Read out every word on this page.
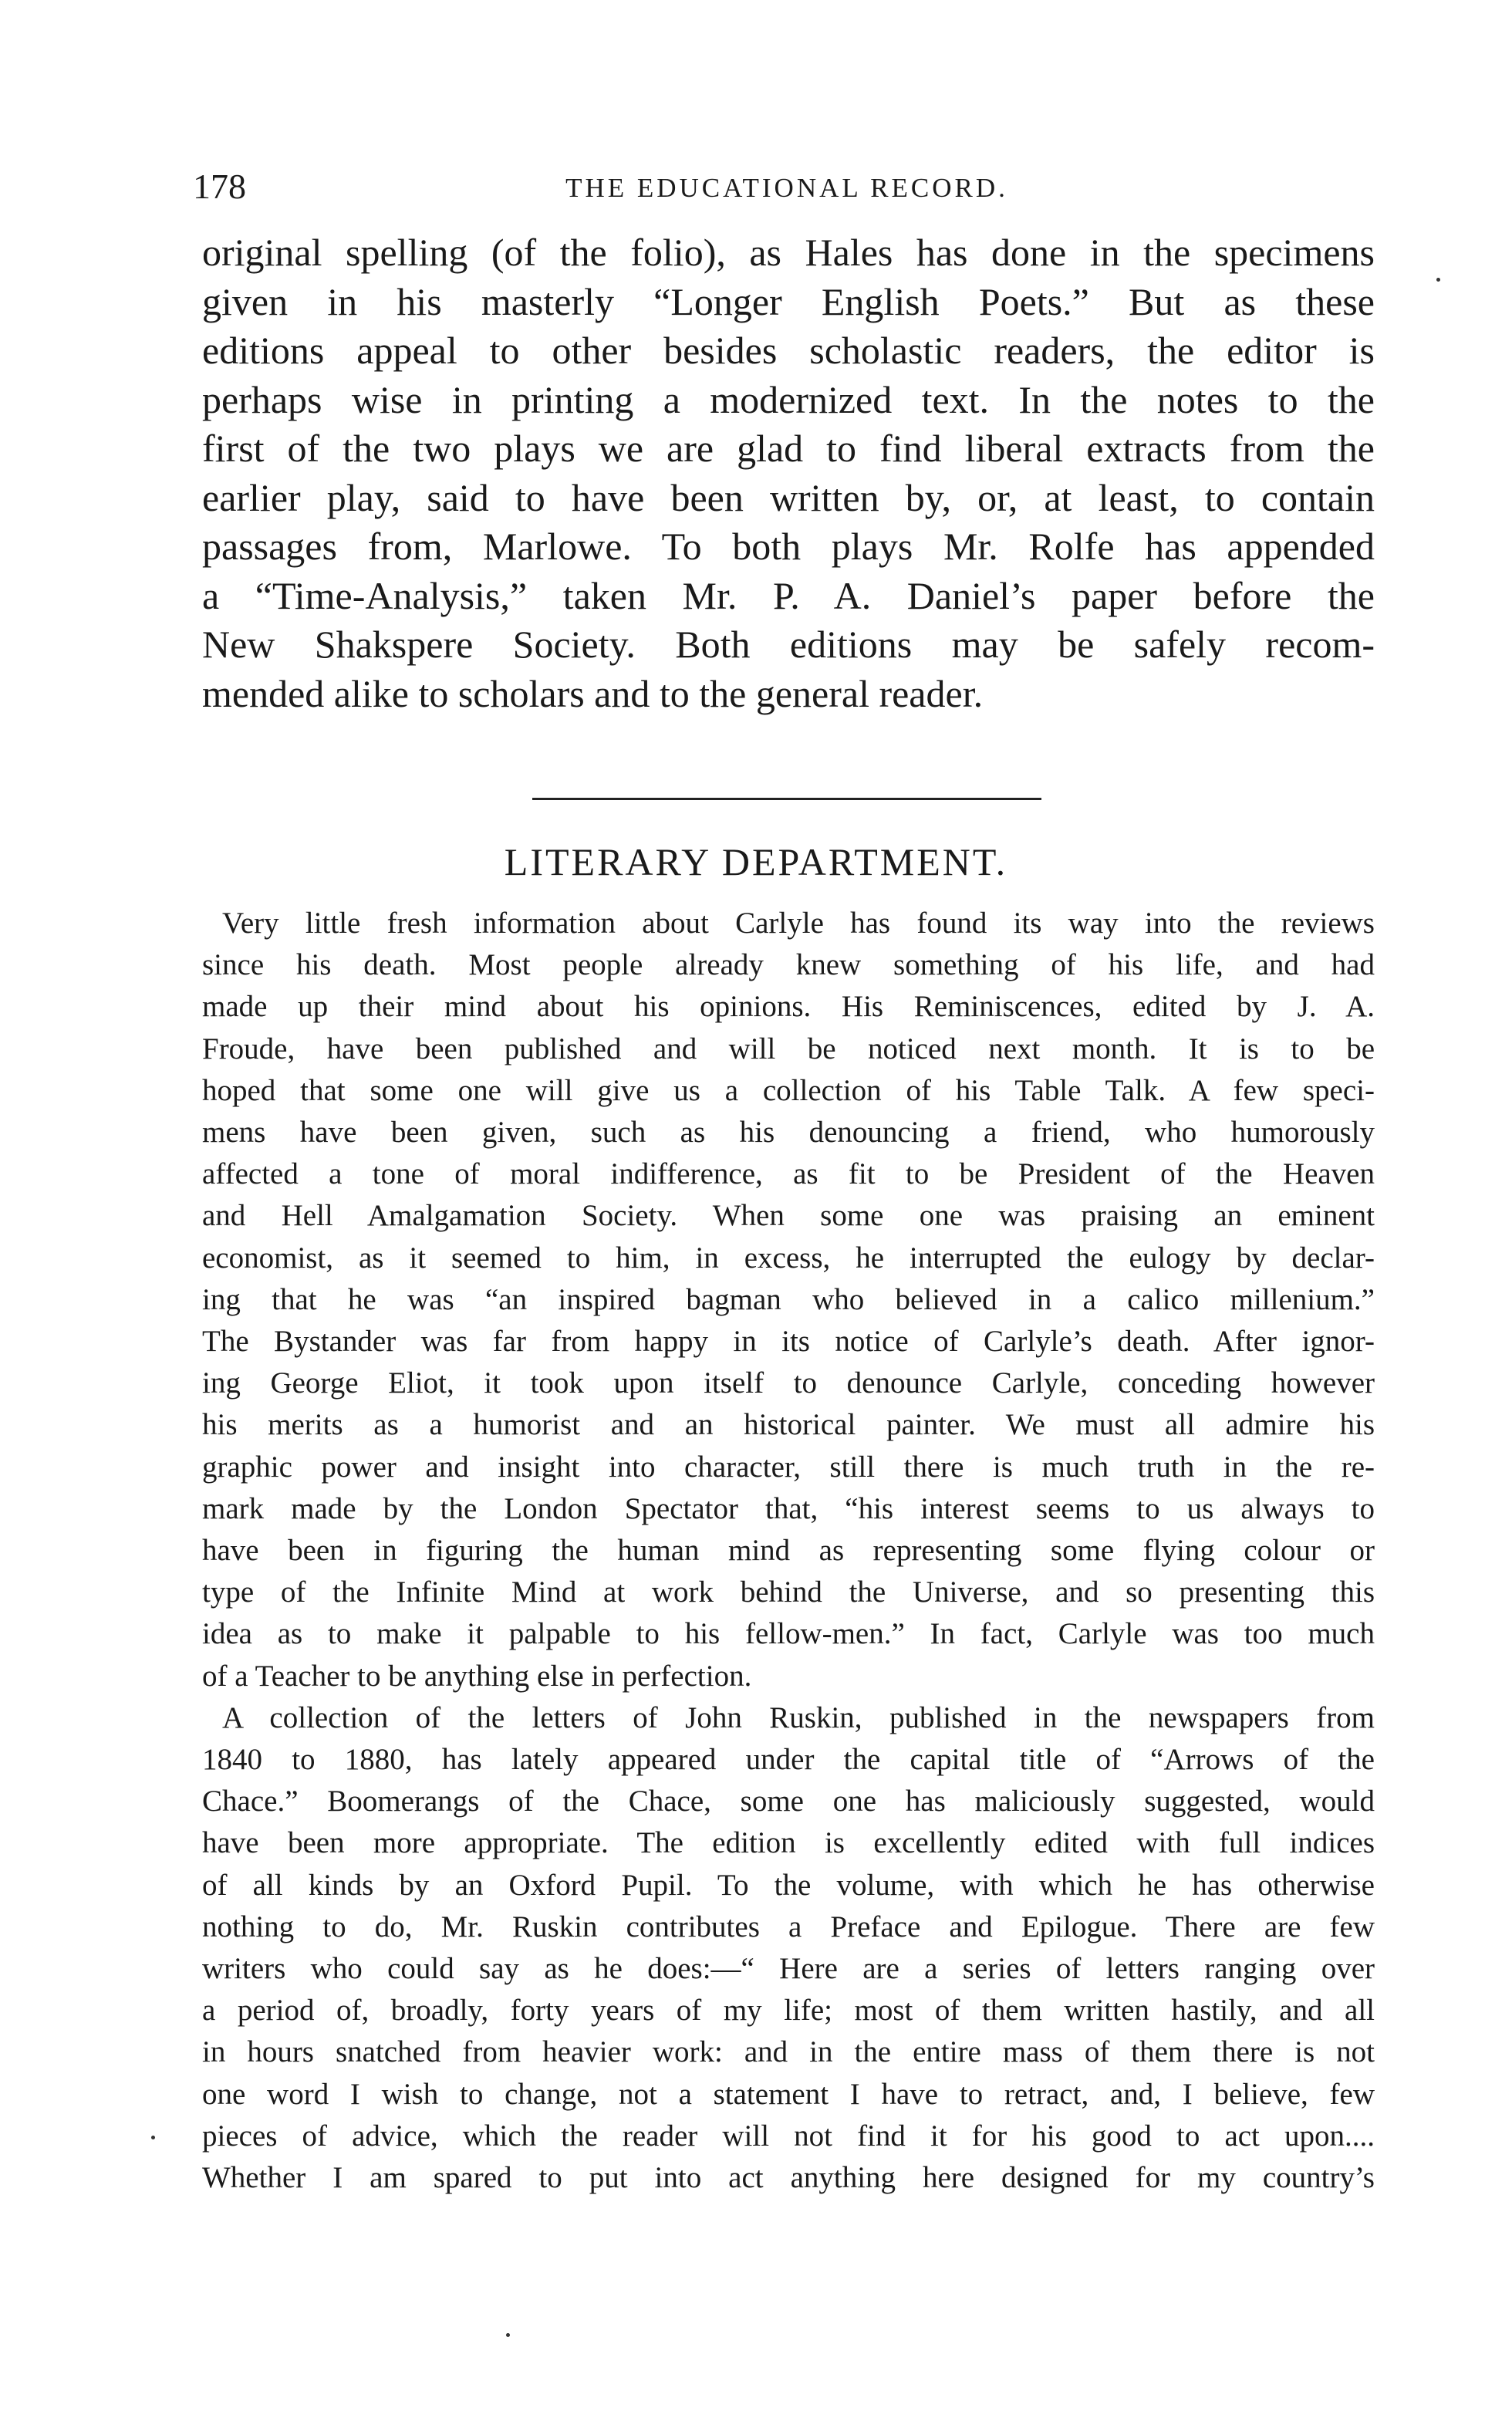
178	THE EDUCATIONAL RECORD.
original spelling (of the folio), as Hales has done in the specimens
given in his masterly “Longer English Poets.” But as these
editions appeal to other besides scholastic readers, the editor is
perhaps wise in printing a modernized text. In the notes to the
first of the two plays we are glad to find liberal extracts from the
earlier play, said to have been written by, or, at least, to contain
passages from, Marlowe. To both plays Mr. Rolfe has appended
a “Time-Analysis,” taken Mr. P. A. Daniel’s paper before the
New Shakspere Society. Both editions may be safely recom-
mended alike to scholars and to the general reader.
LITERARY DEPARTMENT.
Very little fresh information about Carlyle has found its way into the reviews
since his death. Most people already knew something of his life, and had
made up their mind about his opinions. His Reminiscences, edited by J. A.
Froude, have been published and will be noticed next month. It is to be
hoped that some one will give us a collection of his Table Talk. A few speci-
mens have been given, such as his denouncing a friend, who humorously
affected a tone of moral indifference, as fit to be President of the Heaven
and Hell Amalgamation Society. When some one was praising an eminent
economist, as it seemed to him, in excess, he interrupted the eulogy by declar-
ing that he was “an inspired bagman who believed in a calico millenium.”
The Bystander was far from happy in its notice of Carlyle’s death. After ignor-
ing George Eliot, it took upon itself to denounce Carlyle, conceding however
his merits as a humorist and an historical painter. We must all admire his
graphic power and insight into character, still there is much truth in the re-
mark made by the London Spectator that, “his interest seems to us always to
have been in figuring the human mind as representing some flying colour or
type of the Infinite Mind at work behind the Universe, and so presenting this
idea as to make it palpable to his fellow-men.” In fact, Carlyle was too much
of a Teacher to be anything else in perfection.
A collection of the letters of John Ruskin, published in the newspapers from
1840 to 1880, has lately appeared under the capital title of “Arrows of the
Chace.” Boomerangs of the Chace, some one has maliciously suggested, would
have been more appropriate. The edition is excellently edited with full indices
of all kinds by an Oxford Pupil. To the volume, with which he has otherwise
nothing to do, Mr. Ruskin contributes a Preface and Epilogue. There are few
writers who could say as he does:—“ Here are a series of letters ranging over
a period of, broadly, forty years of my life; most of them written hastily, and all
in hours snatched from heavier work: and in the entire mass of them there is not
one word I wish to change, not a statement I have to retract, and, I believe, few
pieces of advice, which the reader will not find it for his good to act upon....
Whether I am spared to put into act anything here designed for my country’s
